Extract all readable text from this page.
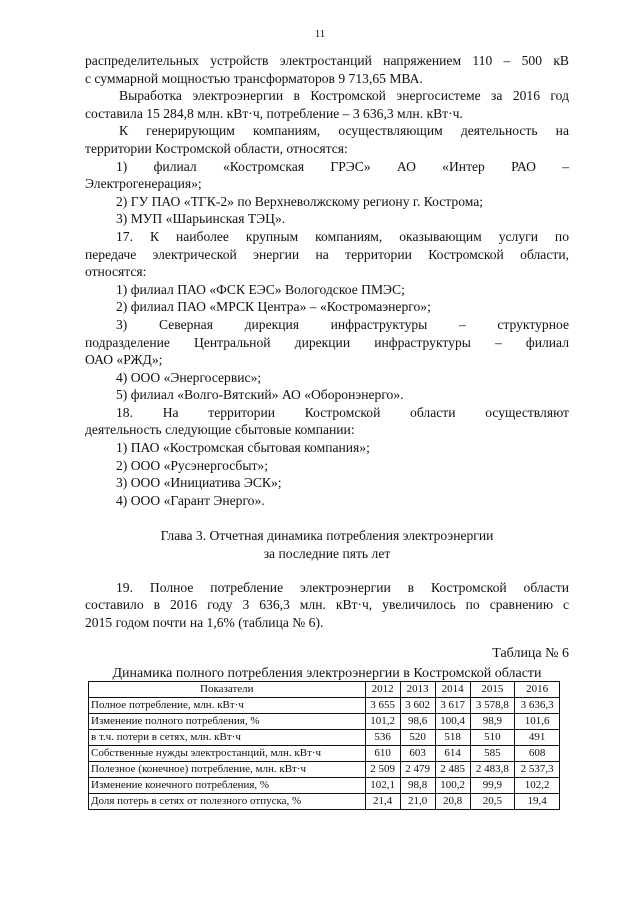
11

распределительных устройств электростанций напряжением 110 – 500 кВ

с суммарной мощностью трансформаторов 9 713,65 МВА.

Выработка электроэнергии в Костромской энергосистеме за 2016 год

составила 15 284,8 млн. кВт·ч, потребление – 3 636,3 млн. кВт·ч.

К генерирующим компаниям, осуществляющим деятельность на

территории Костромской области, относятся:

1) филиал «Костромская ГРЭС» АО «Интер РАО –

Электрогенерация»;

2) ГУ ПАО «ТГК-2» по Верхневолжскому региону г. Кострома;

3) МУП «Шарьинская ТЭЦ».

17. К наиболее крупным компаниям, оказывающим услуги по

передаче электрической энергии на территории Костромской области,

относятся:

1) филиал ПАО «ФСК ЕЭС» Вологодское ПМЭС;

2) филиал ПАО «МРСК Центра» – «Костромаэнерго»;

3) Северная дирекция инфраструктуры – структурное

подразделение Центральной дирекции инфраструктуры – филиал

ОАО «РЖД»;

4) ООО «Энергосервис»;

5) филиал «Волго-Вятский» АО «Оборонэнерго».

18. На территории Костромской области осуществляют

деятельность следующие сбытовые компании:

1) ПАО «Костромская сбытовая компания»;

2) ООО «Русэнергосбыт»;

3) ООО «Инициатива ЭСК»;

4) ООО «Гарант Энерго».

Глава 3. Отчетная динамика потребления электроэнергии
за последние пять лет

19. Полное потребление электроэнергии в Костромской области

составило в 2016 году 3 636,3 млн. кВт·ч, увеличилось по сравнению с

2015 годом почти на 1,6% (таблица № 6).

Таблица № 6
Динамика полного потребления электроэнергии в Костромской области
Показатели	2012	2013	2014	2015	2016
Полное потребление, млн. кВт·ч	3 655	3 602	3 617	3 578,8	3 636,3
Изменение полного потребления, %	101,2	98,6	100,4	98,9	101,6
в т.ч. потери в сетях, млн. кВт·ч	536	520	518	510	491
Собственные нужды электростанций, млн. кВт·ч	610	603	614	585	608
Полезное (конечное) потребление, млн. кВт·ч	2 509	2 479	2 485	2 483,8	2 537,3
Изменение конечного потребления, %	102,1	98,8	100,2	99,9	102,2
Доля потерь в сетях от полезного отпуска, %	21,4	21,0	20,8	20,5	19,4
